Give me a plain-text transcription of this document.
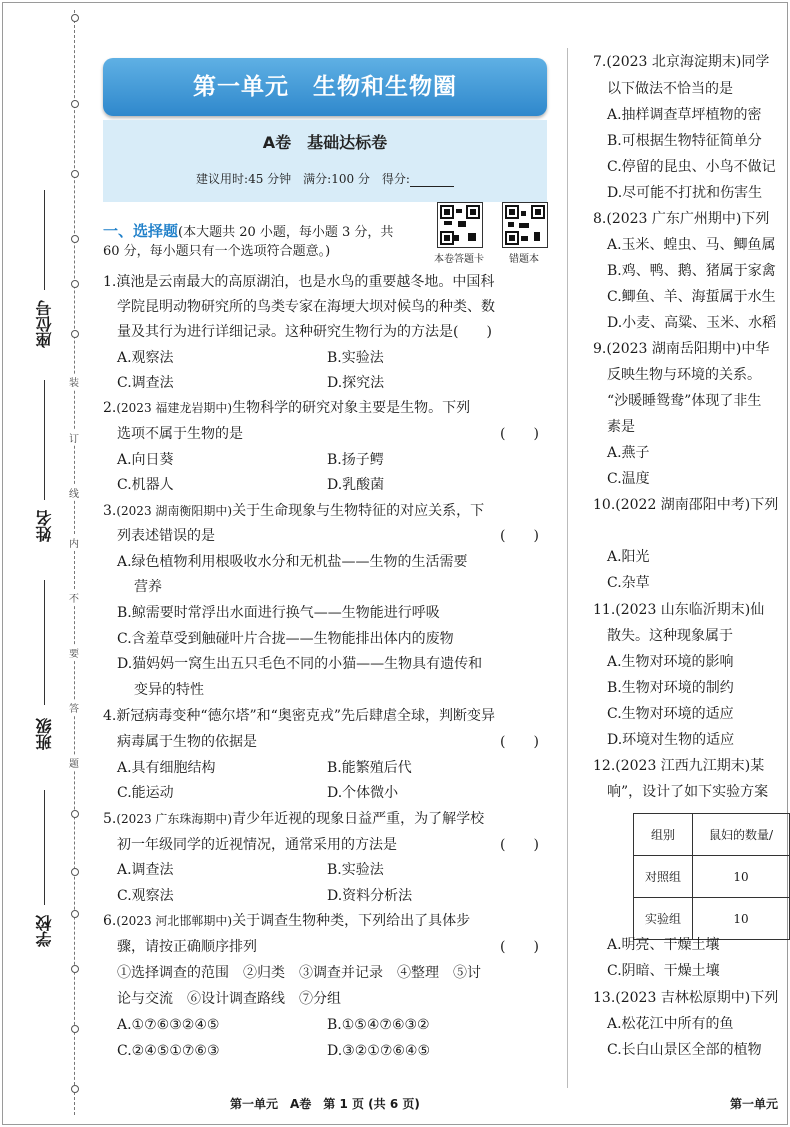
装
订
线
内
不
要
答
题
座位号
姓名
班级
学校
第一单元　生物和生物圈
A卷　基础达标卷
建议用时:45 分钟　满分:100 分　得分:
本卷答题卡	错题本
一、选择题(本大题共 20 小题，每小题 3 分，共
60 分，每小题只有一个选项符合题意。)
1.滇池是云南最大的高原湖泊，也是水鸟的重要越冬地。中国科
学院昆明动物研究所的鸟类专家在海埂大坝对候鸟的种类、数
量及其行为进行详细记录。这种研究生物行为的方法是(　　)
A.观察法	B.实验法
C.调查法	D.探究法
2.(2023 福建龙岩期中)生物科学的研究对象主要是生物。下列
选项不属于生物的是	(　　)
A.向日葵	B.扬子鳄
C.机器人	D.乳酸菌
3.(2023 湖南衡阳期中)关于生命现象与生物特征的对应关系，下
列表述错误的是	(　　)
A.绿色植物利用根吸收水分和无机盐——生物的生活需要
营养
B.鲸需要时常浮出水面进行换气——生物能进行呼吸
C.含羞草受到触碰叶片合拢——生物能排出体内的废物
D.猫妈妈一窝生出五只毛色不同的小猫——生物具有遗传和
变异的特性
4.新冠病毒变种“德尔塔”和“奥密克戎”先后肆虐全球，判断变异
病毒属于生物的依据是	(　　)
A.具有细胞结构	B.能繁殖后代
C.能运动	D.个体微小
5.(2023 广东珠海期中)青少年近视的现象日益严重，为了解学校
初一年级同学的近视情况，通常采用的方法是	(　　)
A.调查法	B.实验法
C.观察法	D.资料分析法
6.(2023 河北邯郸期中)关于调查生物种类，下列给出了具体步
骤，请按正确顺序排列	(　　)
①选择调查的范围　②归类　③调查并记录　④整理　⑤讨
论与交流　⑥设计调查路线　⑦分组
A.①⑦⑥③②④⑤	B.①⑤④⑦⑥③②
C.②④⑤①⑦⑥③	D.③②①⑦⑥④⑤
7.(2023 北京海淀期末)同学
以下做法不恰当的是
A.抽样调查草坪植物的密
B.可根据生物特征简单分
C.停留的昆虫、小鸟不做记
D.尽可能不打扰和伤害生
8.(2023 广东广州期中)下列
A.玉米、蝗虫、马、鲫鱼属
B.鸡、鸭、鹅、猪属于家禽
C.鲫鱼、羊、海蜇属于水生
D.小麦、高粱、玉米、水稻
9.(2023 湖南岳阳期中)中华
反映生物与环境的关系。
“沙暖睡鸳鸯”体现了非生
素是
A.燕子
C.温度
10.(2022 湖南邵阳中考)下列
A.阳光
C.杂草
11.(2023 山东临沂期末)仙
散失。这种现象属于
A.生物对环境的影响
B.生物对环境的制约
C.生物对环境的适应
D.环境对生物的适应
12.(2023 江西九江期末)某
响”，设计了如下实验方案
组别	鼠妇的数量/
对照组	10
实验组	10
A.明亮、干燥土壤
C.阴暗、干燥土壤
13.(2023 吉林松原期中)下列
A.松花江中所有的鱼
C.长白山景区全部的植物
第一单元　A卷　第 1 页 (共 6 页)	第一单元
